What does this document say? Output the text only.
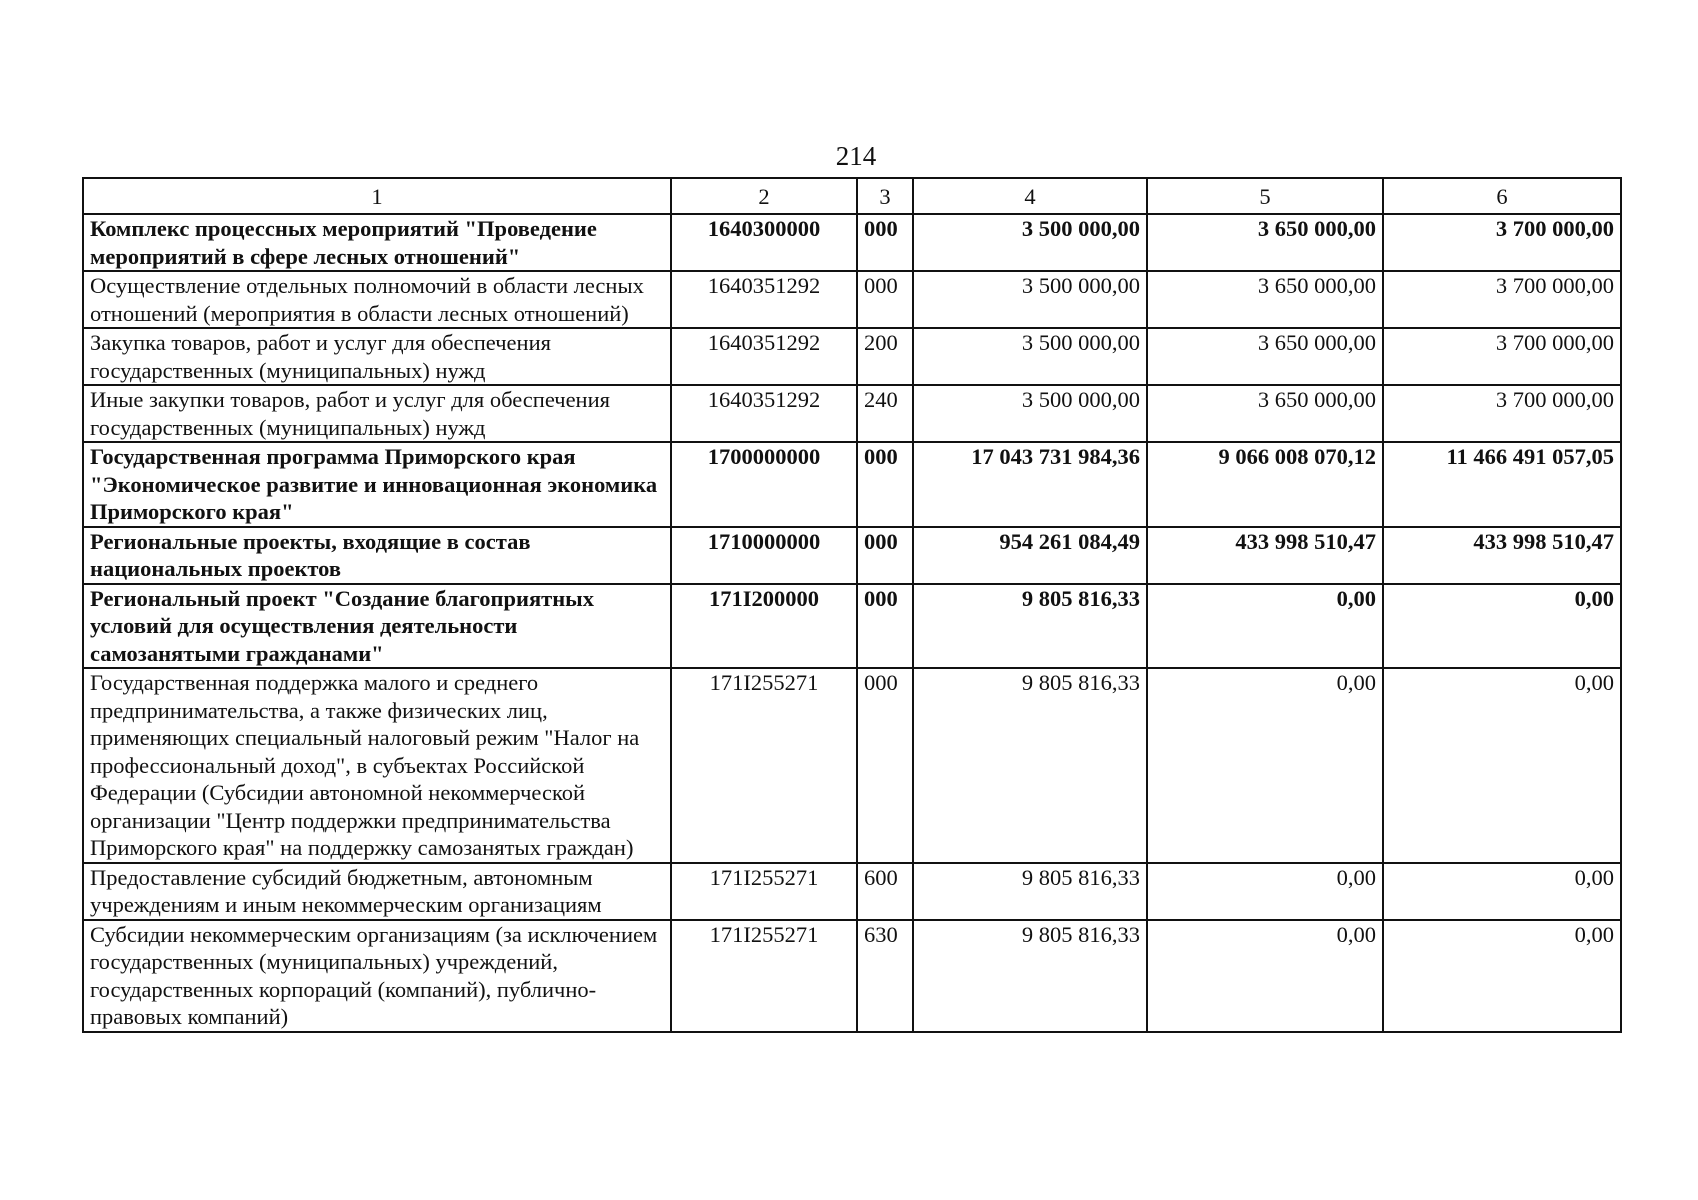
214
1	2	3	4	5	6
Комплекс процессных мероприятий "Проведение мероприятий в сфере лесных отношений"	1640300000	000	3 500 000,00	3 650 000,00	3 700 000,00
Осуществление отдельных полномочий в области лесных отношений (мероприятия в области лесных отношений)	1640351292	000	3 500 000,00	3 650 000,00	3 700 000,00
Закупка товаров, работ и услуг для обеспечения государственных (муниципальных) нужд	1640351292	200	3 500 000,00	3 650 000,00	3 700 000,00
Иные закупки товаров, работ и услуг для обеспечения государственных (муниципальных) нужд	1640351292	240	3 500 000,00	3 650 000,00	3 700 000,00
Государственная программа Приморского края "Экономическое развитие и инновационная экономика Приморского края"	1700000000	000	17 043 731 984,36	9 066 008 070,12	11 466 491 057,05
Региональные проекты, входящие в состав национальных проектов	1710000000	000	954 261 084,49	433 998 510,47	433 998 510,47
Региональный проект "Создание благоприятных условий для осуществления деятельности самозанятыми гражданами"	171I200000	000	9 805 816,33	0,00	0,00
Государственная поддержка малого и среднего предпринимательства, а также физических лиц, применяющих специальный налоговый режим "Налог на профессиональный доход", в субъектах Российской Федерации (Субсидии автономной некоммерческой организации "Центр поддержки предпринимательства Приморского края" на поддержку самозанятых граждан)	171I255271	000	9 805 816,33	0,00	0,00
Предоставление субсидий бюджетным, автономным учреждениям и иным некоммерческим организациям	171I255271	600	9 805 816,33	0,00	0,00
Субсидии некоммерческим организациям (за исключением государственных (муниципальных) учреждений, государственных корпораций (компаний), публично-правовых компаний)	171I255271	630	9 805 816,33	0,00	0,00
